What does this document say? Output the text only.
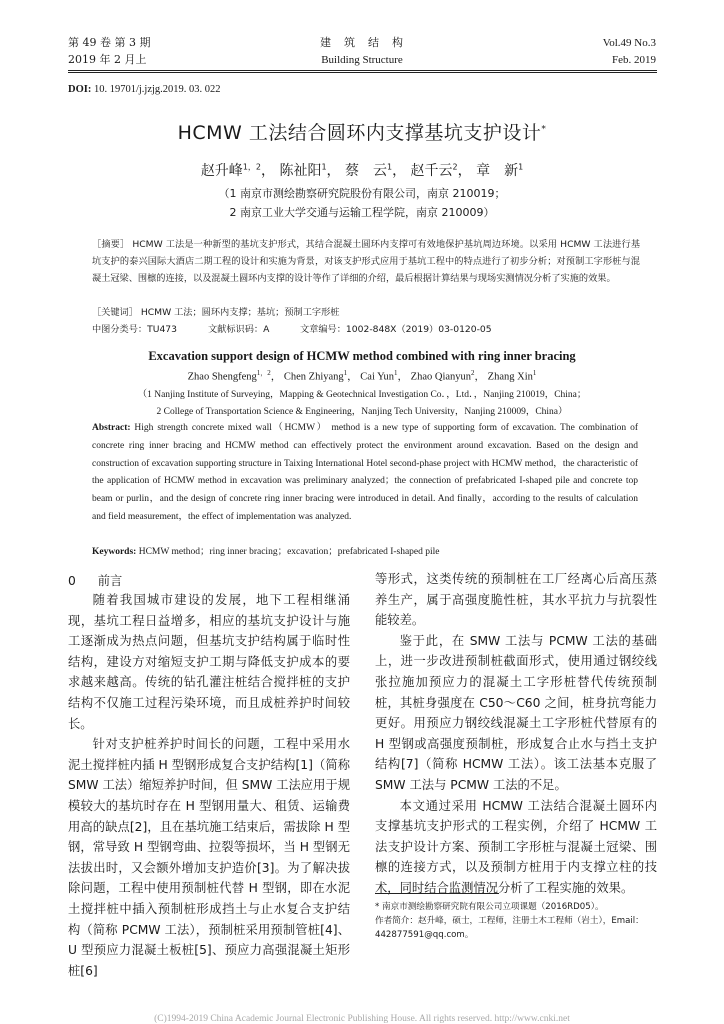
第 49 卷 第 3 期
2019 年 2 月上
建　筑　结　构
Building Structure
Vol.49 No.3
Feb. 2019
DOI: 10. 19701/j.jzjg.2019. 03. 022
HCMW 工法结合圆环内支撑基坑支护设计*
赵升峰$^{1,2}$， 陈祉阳$^1$， 蔡　云$^1$， 赵千云$^2$， 章　新$^1$
（1 南京市测绘勘察研究院股份有限公司，南京 210019；
2 南京工业大学交通与运输工程学院，南京 210009）
［摘要］ HCMW 工法是一种新型的基坑支护形式，其结合混凝土圆环内支撑可有效地保护基坑周边环境。以采用 HCMW 工法进行基坑支护的泰兴国际大酒店二期工程的设计和实施为背景，对该支护形式应用于基坑工程中的特点进行了初步分析；对预制工字形桩与混凝土冠梁、围檩的连接，以及混凝土圆环内支撑的设计等作了详细的介绍，最后根据计算结果与现场实测情况分析了实施的效果。
［关键词］ HCMW 工法；圆环内支撑；基坑；预制工字形桩
中图分类号：TU473	文献标识码：A	文章编号：1002-848X（2019）03-0120-05
Excavation support design of HCMW method combined with ring inner bracing
Zhao Shengfeng$^{1,2}$， Chen Zhiyang$^1$， Cai Yun$^1$， Zhao Qianyun$^2$， Zhang Xin$^1$
（1 Nanjing Institute of Surveying，Mapping & Geotechnical Investigation Co．，Ltd．，Nanjing 210019，China；
2 College of Transportation Science & Engineering，Nanjing Tech University，Nanjing 210009，China）
Abstract: High strength concrete mixed wall（HCMW） method is a new type of supporting form of excavation. The combination of concrete ring inner bracing and HCMW method can effectively protect the environment around excavation. Based on the design and construction of excavation supporting structure in Taixing International Hotel second-phase project with HCMW method，the characteristic of the application of HCMW method in excavation was preliminary analyzed；the connection of prefabricated I-shaped pile and concrete top beam or purlin，and the design of concrete ring inner bracing were introduced in detail. And finally，according to the results of calculation and field measurement，the effect of implementation was analyzed.
Keywords: HCMW method；ring inner bracing；excavation；prefabricated I-shaped pile
0 前言

随着我国城市建设的发展，地下工程相继涌现，基坑工程日益增多，相应的基坑支护设计与施工逐渐成为热点问题，但基坑支护结构属于临时性结构，建设方对缩短支护工期与降低支护成本的要求越来越高。传统的钻孔灌注桩结合搅拌桩的支护结构不仅施工过程污染环境，而且成桩养护时间较长。

针对支护桩养护时间长的问题，工程中采用水泥土搅拌桩内插 H 型钢形成复合支护结构[1]（简称 SMW 工法）缩短养护时间，但 SMW 工法应用于规模较大的基坑时存在 H 型钢用量大、租赁、运输费用高的缺点[2]，且在基坑施工结束后，需拔除 H 型钢，常导致 H 型钢弯曲、拉裂等损坏，当 H 型钢无法拔出时，又会额外增加支护造价[3]。为了解决拔除问题，工程中使用预制桩代替 H 型钢，即在水泥土搅拌桩中插入预制桩形成挡土与止水复合支护结构（简称 PCMW 工法），预制桩采用预制管桩[4]、U 型预应力混凝土板桩[5]、预应力高强混凝土矩形桩[6]

等形式，这类传统的预制桩在工厂经离心后高压蒸养生产，属于高强度脆性桩，其水平抗力与抗裂性能较差。

鉴于此，在 SMW 工法与 PCMW 工法的基础上，进一步改进预制桩截面形式，使用通过钢绞线张拉施加预应力的混凝土工字形桩替代传统预制桩，其桩身强度在 C50～C60 之间，桩身抗弯能力更好。用预应力钢绞线混凝土工字形桩代替原有的 H 型钢或高强度预制桩，形成复合止水与挡土支护结构[7]（简称 HCMW 工法）。该工法基本克服了 SMW 工法与 PCMW 工法的不足。

本文通过采用 HCMW 工法结合混凝土圆环内支撑基坑支护形式的工程实例，介绍了 HCMW 工法支护设计方案、预制工字形桩与混凝土冠梁、围檩的连接方式，以及预制方桩用于内支撑立柱的技术，同时结合监测情况分析了工程实施的效果。

* 南京市测绘勘察研究院有限公司立项课题（2016RD05）。
作者简介：赵升峰，硕士，工程师，注册土木工程师（岩土），Email：
442877591@qq.com。
(C)1994-2019 China Academic Journal Electronic Publishing House. All rights reserved. http://www.cnki.net
